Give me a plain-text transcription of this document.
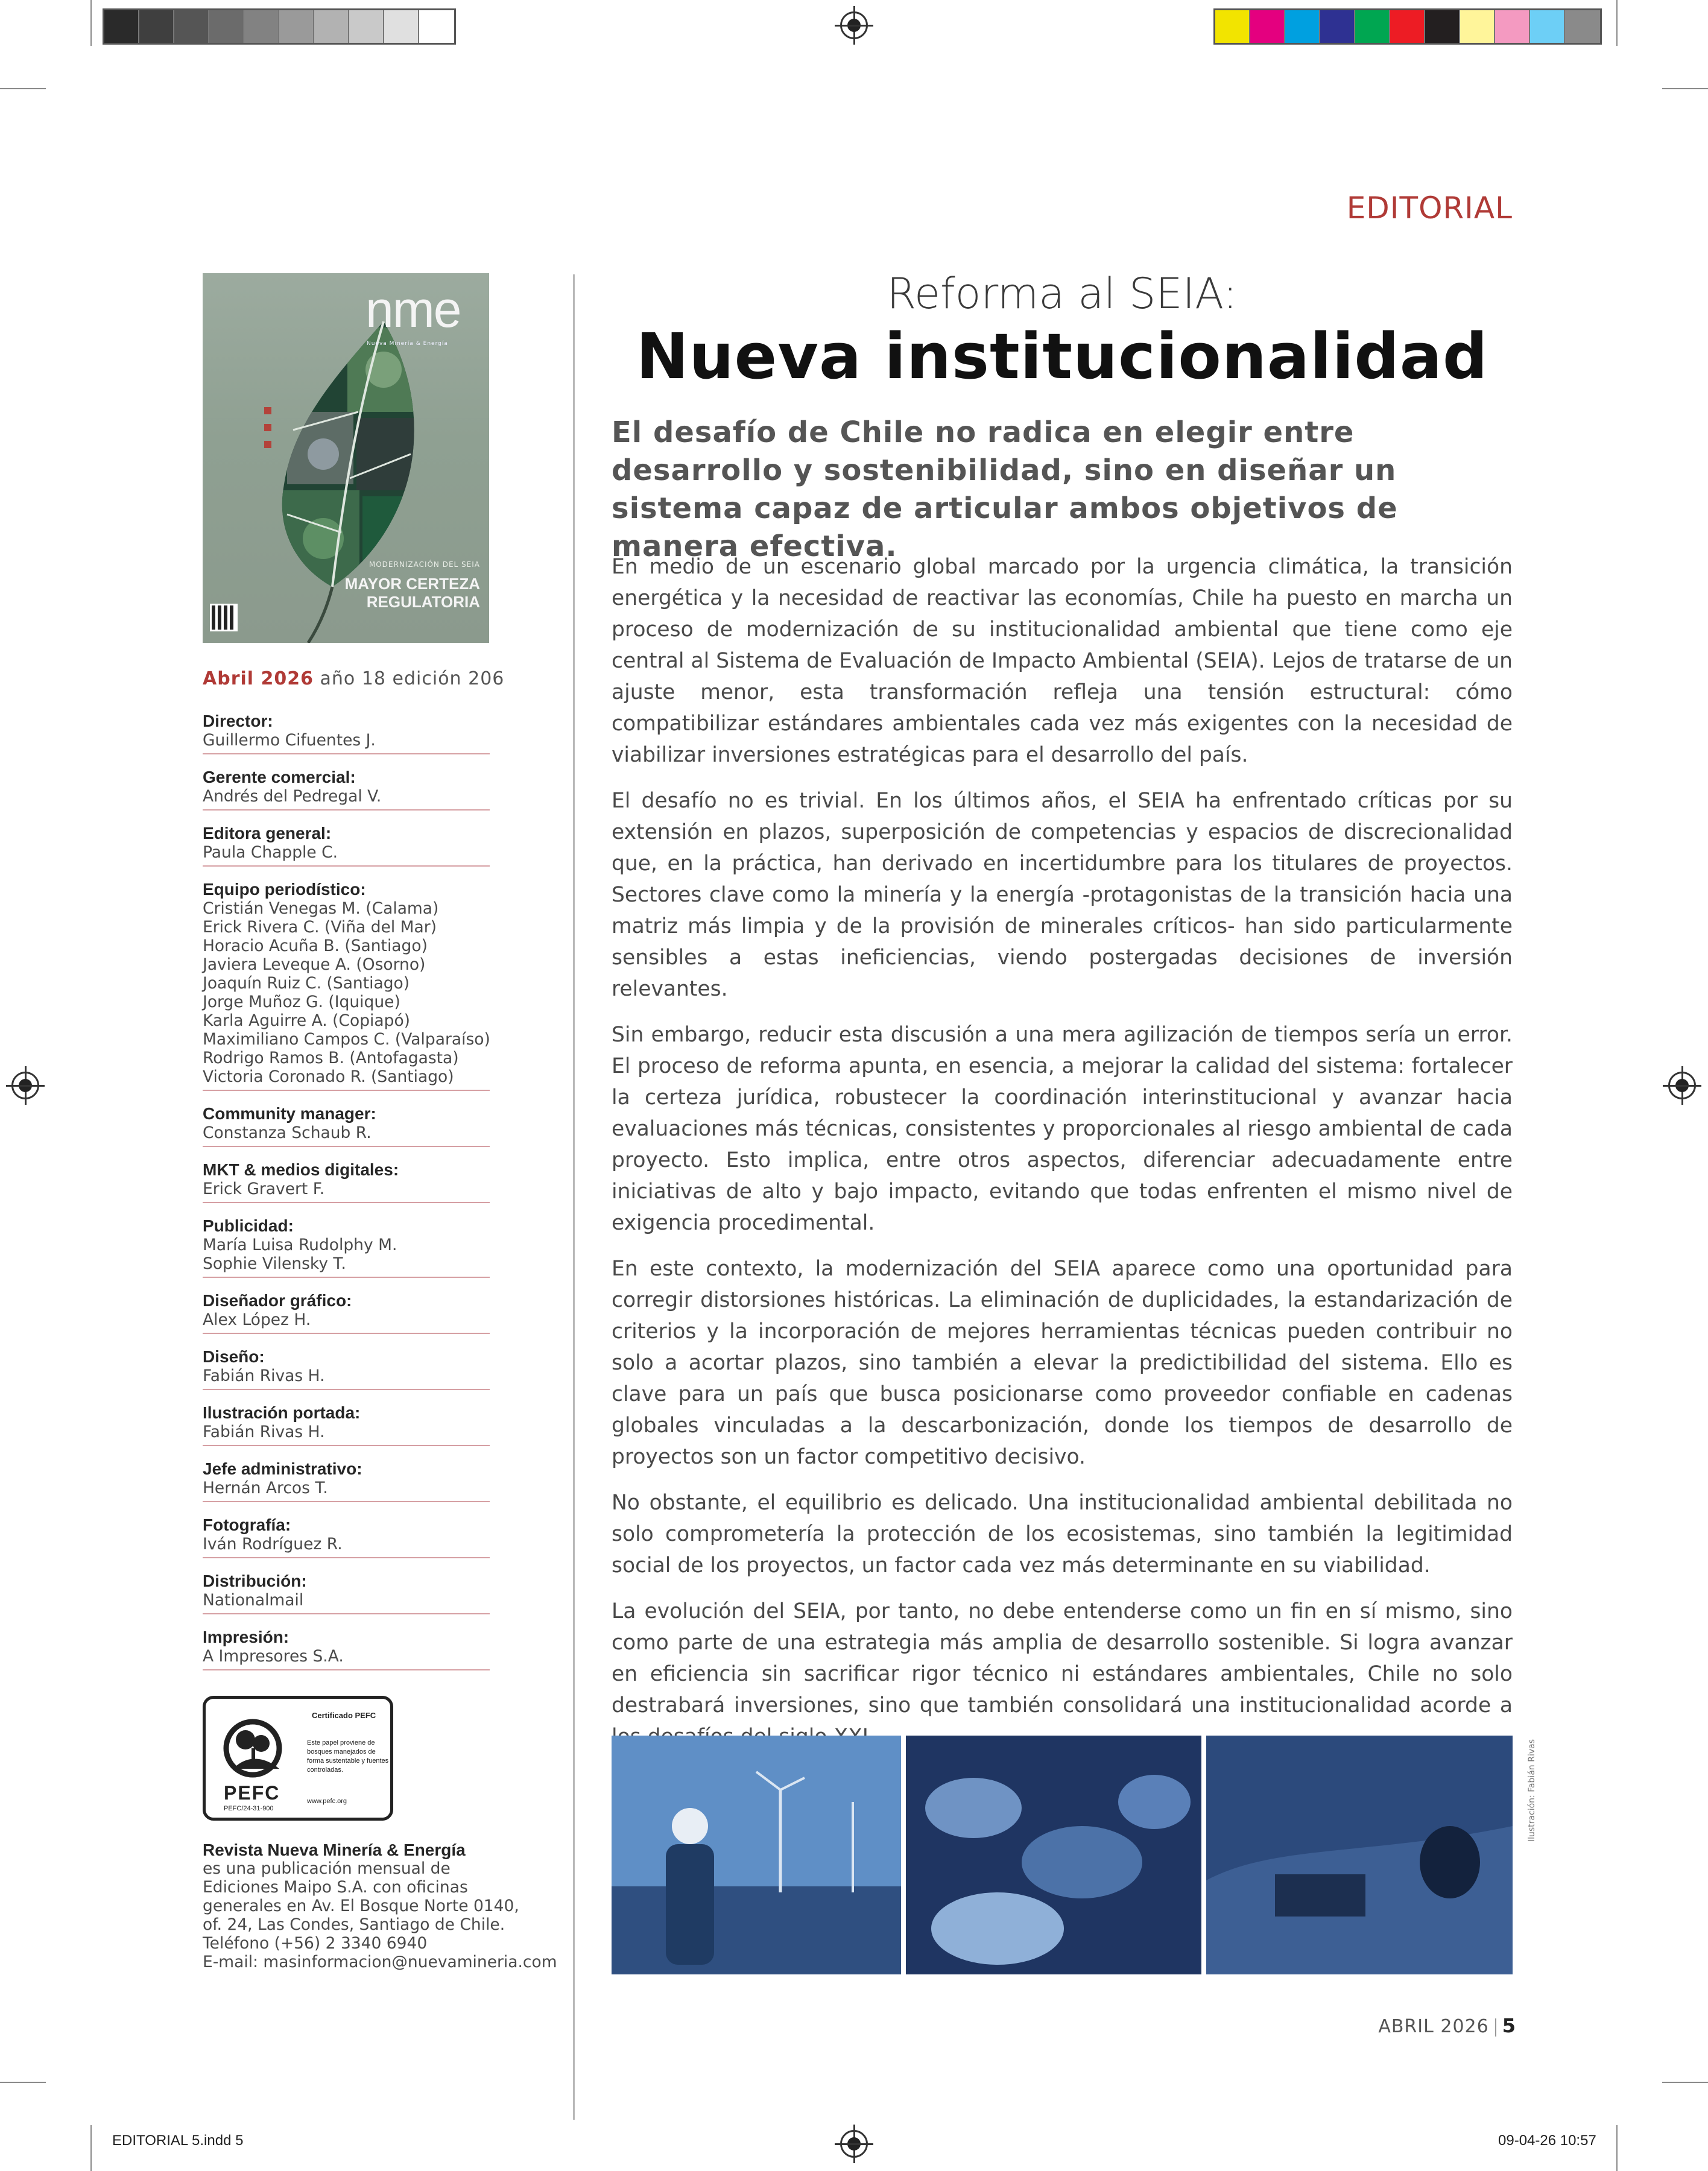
EDITORIAL 5.indd 5	09-04-26 10:57
EDITORIAL
nme
Nueva Minería & Energía
MODERNIZACIÓN DEL SEIA
MAYOR CERTEZA
REGULATORIA
Abril 2026 año 18 edición 206
Director:
Guillermo Cifuentes J.
Gerente comercial:
Andrés del Pedregal V.
Editora general:
Paula Chapple C.
Equipo periodístico:
Cristián Venegas M. (Calama)
Erick Rivera C. (Viña del Mar)
Horacio Acuña B. (Santiago)
Javiera Leveque A. (Osorno)
Joaquín Ruiz C. (Santiago)
Jorge Muñoz G. (Iquique)
Karla Aguirre A. (Copiapó)
Maximiliano Campos C. (Valparaíso)
Rodrigo Ramos B. (Antofagasta)
Victoria Coronado R. (Santiago)
Community manager:
Constanza Schaub R.
MKT & medios digitales:
Erick Gravert F.
Publicidad:
María Luisa Rudolphy M.
Sophie Vilensky T.
Diseñador gráfico:
Alex López H.
Diseño:
Fabián Rivas H.
Ilustración portada:
Fabián Rivas H.
Jefe administrativo:
Hernán Arcos T.
Fotografía:
Iván Rodríguez R.
Distribución:
Nationalmail
Impresión:
A Impresores S.A.
PEFC
PEFC/24-31-900
Certificado PEFC
Este papel proviene de bosques manejados de forma sustentable y fuentes controladas.
www.pefc.org
Revista Nueva Minería & Energía
es una publicación mensual de
Ediciones Maipo S.A. con oficinas
generales en Av. El Bosque Norte 0140,
of. 24, Las Condes, Santiago de Chile.
Teléfono (+56) 2 3340 6940
E-mail: masinformacion@nuevamineria.com
Reforma al SEIA:
Nueva institucionalidad
El desafío de Chile no radica en elegir entre desarrollo y sostenibilidad, sino en diseñar un sistema capaz de articular ambos objetivos de manera efectiva.

En medio de un escenario global marcado por la urgencia climática, la transición energética y la necesidad de reactivar las economías, Chile ha puesto en marcha un proceso de modernización de su institucionalidad ambiental que tiene como eje central al Sistema de Evaluación de Impacto Ambiental (SEIA). Lejos de tratarse de un ajuste menor, esta transformación refleja una tensión estructural: cómo compatibilizar estándares ambientales cada vez más exigentes con la necesidad de viabilizar inversiones estratégicas para el desarrollo del país.

El desafío no es trivial. En los últimos años, el SEIA ha enfrentado críticas por su extensión en plazos, superposición de competencias y espacios de discrecionalidad que, en la práctica, han derivado en incertidumbre para los titulares de proyectos. Sectores clave como la minería y la energía -protagonistas de la transición hacia una matriz más limpia y de la provisión de minerales críticos- han sido particularmente sensibles a estas ineficiencias, viendo postergadas decisiones de inversión relevantes.

Sin embargo, reducir esta discusión a una mera agilización de tiempos sería un error. El proceso de reforma apunta, en esencia, a mejorar la calidad del sistema: fortalecer la certeza jurídica, robustecer la coordinación interinstitucional y avanzar hacia evaluaciones más técnicas, consistentes y proporcionales al riesgo ambiental de cada proyecto. Esto implica, entre otros aspectos, diferenciar adecuadamente entre iniciativas de alto y bajo impacto, evitando que todas enfrenten el mismo nivel de exigencia procedimental.

En este contexto, la modernización del SEIA aparece como una oportunidad para corregir distorsiones históricas. La eliminación de duplicidades, la estandarización de criterios y la incorporación de mejores herramientas técnicas pueden contribuir no solo a acortar plazos, sino también a elevar la predictibilidad del sistema. Ello es clave para un país que busca posicionarse como proveedor confiable en cadenas globales vinculadas a la descarbonización, donde los tiempos de desarrollo de proyectos son un factor competitivo decisivo.

No obstante, el equilibrio es delicado. Una institucionalidad ambiental debilitada no solo comprometería la protección de los ecosistemas, sino también la legitimidad social de los proyectos, un factor cada vez más determinante en su viabilidad.

La evolución del SEIA, por tanto, no debe entenderse como un fin en sí mismo, sino como parte de una estrategia más amplia de desarrollo sostenible. Si logra avanzar en eficiencia sin sacrificar rigor técnico ni estándares ambientales, Chile no solo destrabará inversiones, sino que también consolidará una institucionalidad acorde a

Ilustración: Fabián Rivas
ABRIL 2026 5
